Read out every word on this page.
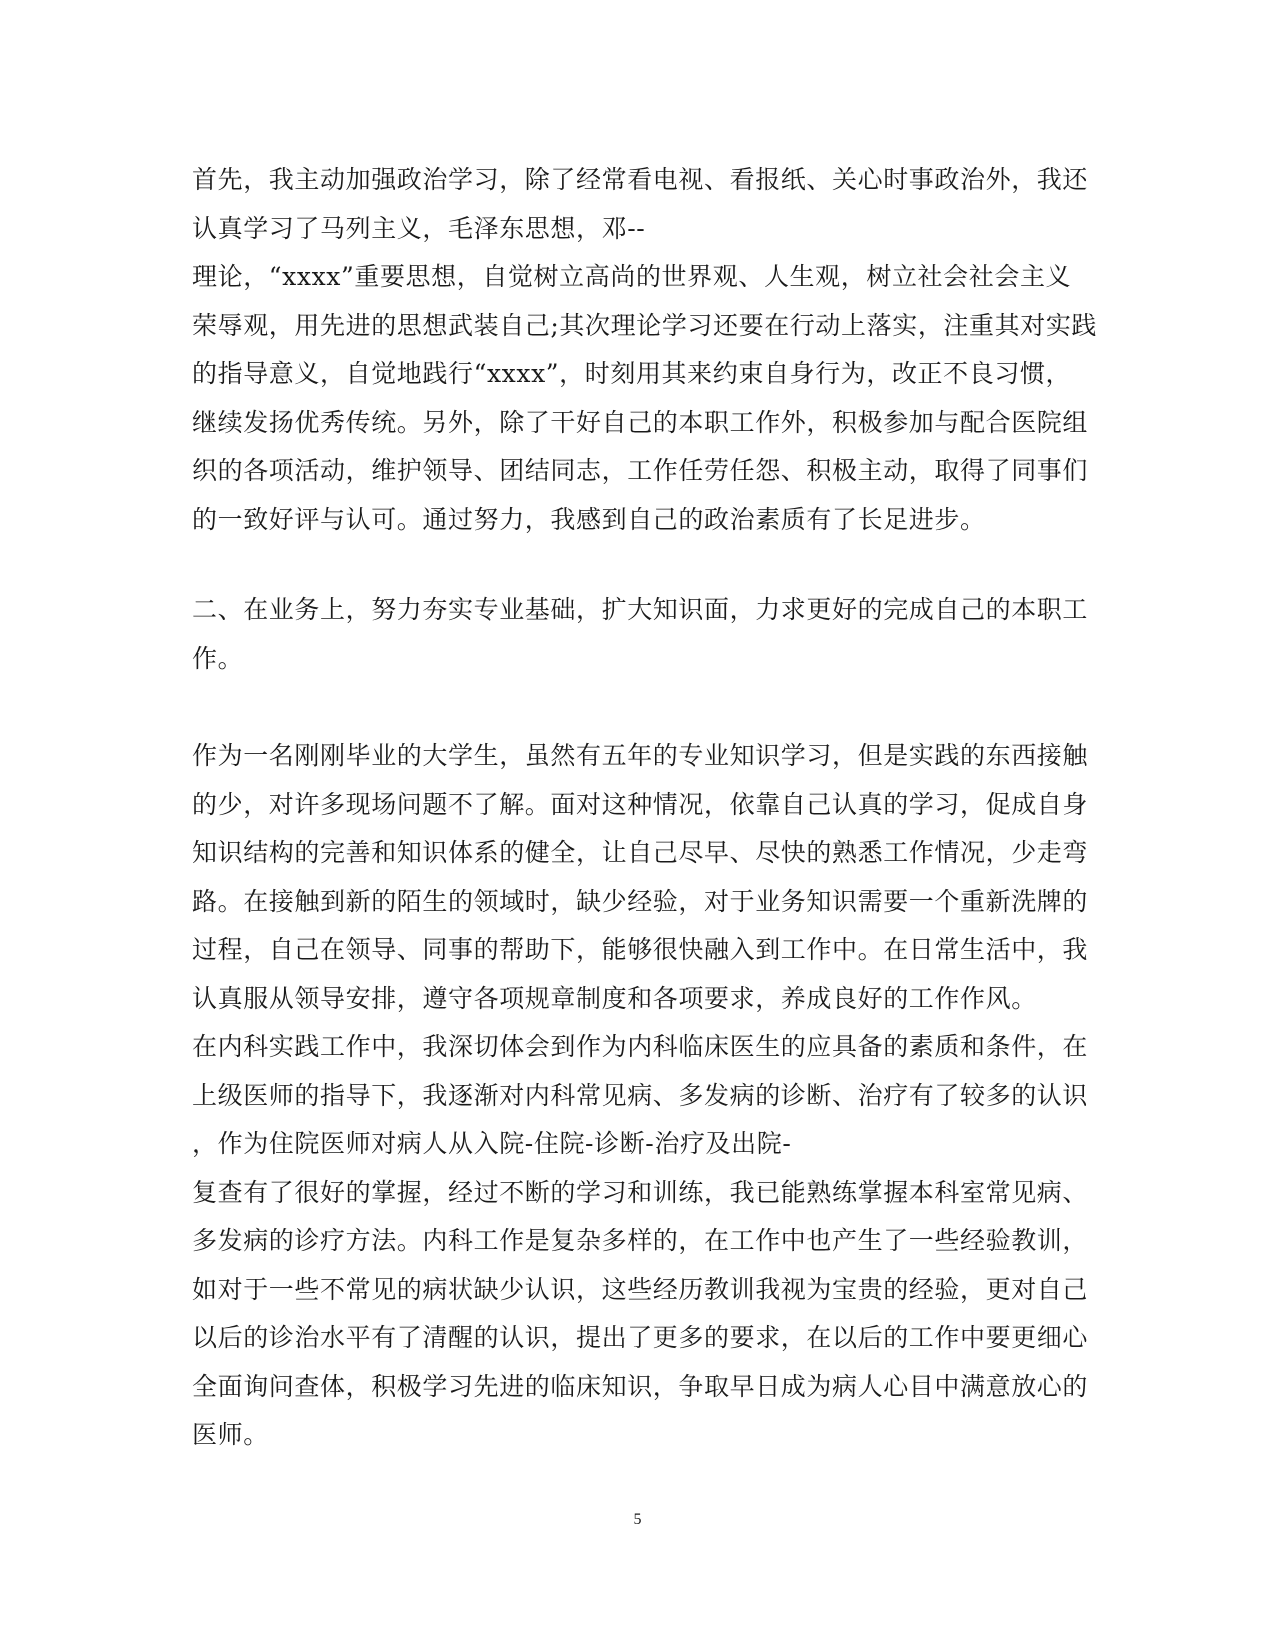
首先，我主动加强政治学习，除了经常看电视、看报纸、关心时事政治外，我还
认真学习了马列主义，毛泽东思想，邓--
理论，“xxxx”重要思想，自觉树立高尚的世界观、人生观，树立社会社会主义
荣辱观，用先进的思想武装自己;其次理论学习还要在行动上落实，注重其对实践
的指导意义，自觉地践行“xxxx”，时刻用其来约束自身行为，改正不良习惯，
继续发扬优秀传统。另外，除了干好自己的本职工作外，积极参加与配合医院组
织的各项活动，维护领导、团结同志，工作任劳任怨、积极主动，取得了同事们
的一致好评与认可。通过努力，我感到自己的政治素质有了长足进步。
二、在业务上，努力夯实专业基础，扩大知识面，力求更好的完成自己的本职工
作。
作为一名刚刚毕业的大学生，虽然有五年的专业知识学习，但是实践的东西接触
的少，对许多现场问题不了解。面对这种情况，依靠自己认真的学习，促成自身
知识结构的完善和知识体系的健全，让自己尽早、尽快的熟悉工作情况，少走弯
路。在接触到新的陌生的领域时，缺少经验，对于业务知识需要一个重新洗牌的
过程，自己在领导、同事的帮助下，能够很快融入到工作中。在日常生活中，我
认真服从领导安排，遵守各项规章制度和各项要求，养成良好的工作作风。
在内科实践工作中，我深切体会到作为内科临床医生的应具备的素质和条件，在
上级医师的指导下，我逐渐对内科常见病、多发病的诊断、治疗有了较多的认识
，作为住院医师对病人从入院-住院-诊断-治疗及出院-
复查有了很好的掌握，经过不断的学习和训练，我已能熟练掌握本科室常见病、
多发病的诊疗方法。内科工作是复杂多样的，在工作中也产生了一些经验教训，
如对于一些不常见的病状缺少认识，这些经历教训我视为宝贵的经验，更对自己
以后的诊治水平有了清醒的认识，提出了更多的要求，在以后的工作中要更细心
全面询问查体，积极学习先进的临床知识，争取早日成为病人心目中满意放心的
医师。
5
